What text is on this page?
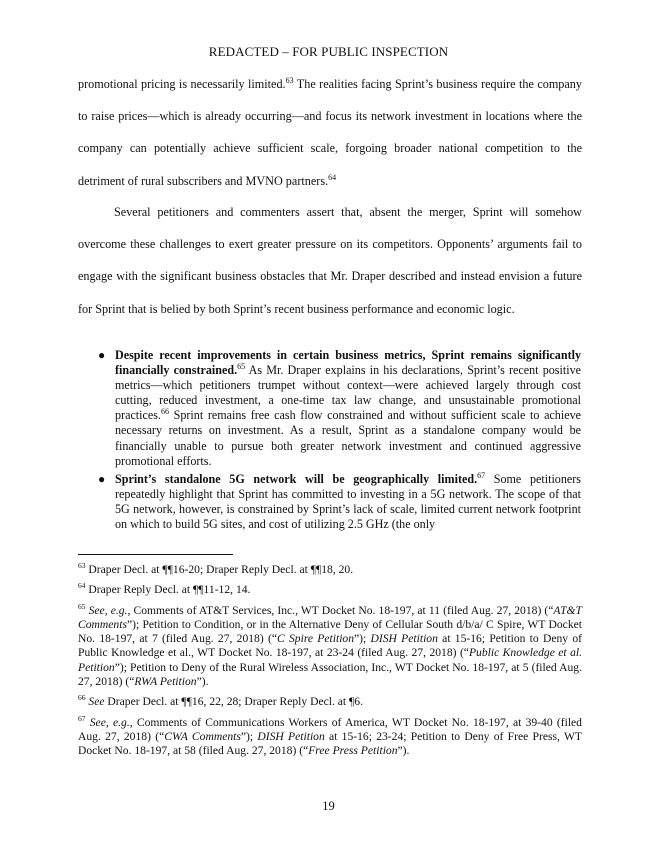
REDACTED – FOR PUBLIC INSPECTION

promotional pricing is necessarily limited.$^{63}$ The realities facing Sprint’s business require the company to raise prices—which is already occurring—and focus its network investment in locations where the company can potentially achieve sufficient scale, forgoing broader national competition to the detriment of rural subscribers and MVNO partners.$^{64}$

Several petitioners and commenters assert that, absent the merger, Sprint will somehow overcome these challenges to exert greater pressure on its competitors. Opponents’ arguments fail to engage with the significant business obstacles that Mr. Draper described and instead envision a future for Sprint that is belied by both Sprint’s recent business performance and economic logic.

● Despite recent improvements in certain business metrics, Sprint remains significantly financially constrained.$^{65}$ As Mr. Draper explains in his declarations, Sprint’s recent positive metrics—which petitioners trumpet without context—were achieved largely through cost cutting, reduced investment, a one-time tax law change, and unsustainable promotional practices.$^{66}$ Sprint remains free cash flow constrained and without sufficient scale to achieve necessary returns on investment. As a result, Sprint as a standalone company would be financially unable to pursue both greater network investment and continued aggressive promotional efforts.

● Sprint’s standalone 5G network will be geographically limited.$^{67}$ Some petitioners repeatedly highlight that Sprint has committed to investing in a 5G network. The scope of that 5G network, however, is constrained by Sprint’s lack of scale, limited current network footprint on which to build 5G sites, and cost of utilizing 2.5 GHz (the only

$^{63}$ Draper Decl. at ¶¶16-20; Draper Reply Decl. at ¶¶18, 20.

$^{64}$ Draper Reply Decl. at ¶¶11-12, 14.

$^{65}$ See, e.g., Comments of AT&T Services, Inc., WT Docket No. 18-197, at 11 (filed Aug. 27, 2018) (“AT&T Comments”); Petition to Condition, or in the Alternative Deny of Cellular South d/b/a/ C Spire, WT Docket No. 18-197, at 7 (filed Aug. 27, 2018) (“C Spire Petition”); DISH Petition at 15-16; Petition to Deny of Public Knowledge et al., WT Docket No. 18-197, at 23-24 (filed Aug. 27, 2018) (“Public Knowledge et al. Petition”); Petition to Deny of the Rural Wireless Association, Inc., WT Docket No. 18-197, at 5 (filed Aug. 27, 2018) (“RWA Petition”).

$^{66}$ See Draper Decl. at ¶¶16, 22, 28; Draper Reply Decl. at ¶6.

$^{67}$ See, e.g., Comments of Communications Workers of America, WT Docket No. 18-197, at 39-40 (filed Aug. 27, 2018) (“CWA Comments”); DISH Petition at 15-16; 23-24; Petition to Deny of Free Press, WT Docket No. 18-197, at 58 (filed Aug. 27, 2018) (“Free Press Petition”).

19
